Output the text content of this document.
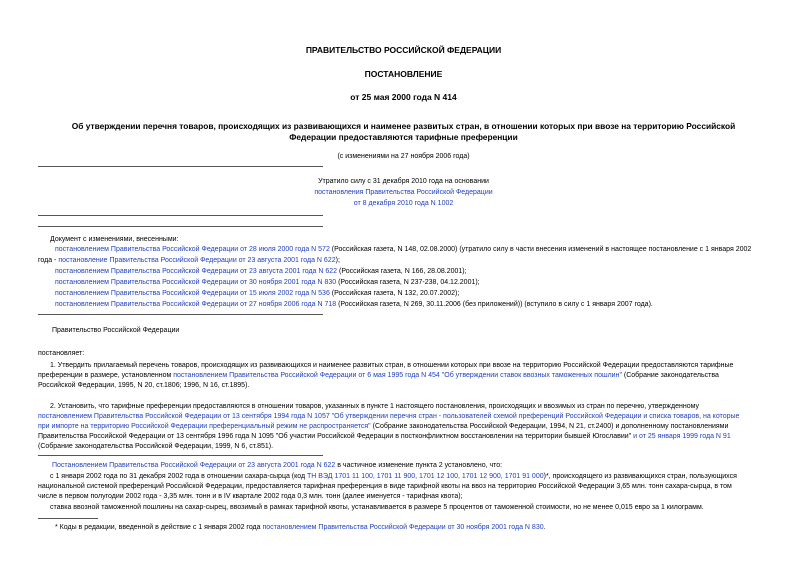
ПРАВИТЕЛЬСТВО РОССИЙСКОЙ ФЕДЕРАЦИИ
ПОСТАНОВЛЕНИЕ
от 25 мая 2000 года N 414
Об утверждении перечня товаров, происходящих из развивающихся и наименее развитых стран, в отношении которых при ввозе на территорию Российской
Федерации предоставляются тарифные преференции
(с изменениями на 27 ноября 2006 года)
Утратило силу с 31 декабря 2010 года на основании
постановления Правительства Российской Федерации
от 8 декабря 2010 года N 1002
Документ с изменениями, внесенными:
постановлением Правительства Российской Федерации от 28 июля 2000 года N 572 (Российская газета, N 148, 02.08.2000) (утратило силу в части внесения изменений в настоящее постановление с 1 января 2002
года - постановление Правительства Российской Федерации от 23 августа 2001 года N 622);
постановлением Правительства Российской Федерации от 23 августа 2001 года N 622 (Российская газета, N 166, 28.08.2001);
постановлением Правительства Российской Федерации от 30 ноября 2001 года N 830 (Российская газета, N 237-238, 04.12.2001);
постановлением Правительства Российской Федерации от 15 июля 2002 года N 536 (Российская газета, N 132, 20.07.2002);
постановлением Правительства Российской Федерации от 27 ноября 2006 года N 718 (Российская газета, N 269, 30.11.2006 (без приложений)) (вступило в силу с 1 января 2007 года).
Правительство Российской Федерации
постановляет:
1. Утвердить прилагаемый перечень товаров, происходящих из развивающихся и наименее развитых стран, в отношении которых при ввозе на территорию Российской Федерации предоставляются тарифные
преференции в размере, установленном постановлением Правительства Российской Федерации от 6 мая 1995 года N 454 "Об утверждении ставок ввозных таможенных пошлин" (Собрание законодательства
Российской Федерации, 1995, N 20, ст.1806; 1996, N 16, ст.1895).
2. Установить, что тарифные преференции предоставляются в отношении товаров, указанных в пункте 1 настоящего постановления, происходящих и ввозимых из стран по перечню, утвержденному
постановлением Правительства Российской Федерации от 13 сентября 1994 года N 1057 "Об утверждении перечня стран - пользователей схемой преференций Российской Федерации и списка товаров, на которые
при импорте на территорию Российской Федерации преференциальный режим не распространяется" (Собрание законодательства Российской Федерации, 1994, N 21, ст.2400) и дополненному постановлениями
Правительства Российской Федерации от 13 сентября 1996 года N 1095 "Об участии Российской Федерации в постконфликтном восстановлении на территории бывшей Югославии" и от 25 января 1999 года N 91
(Собрание законодательства Российской Федерации, 1999, N 6, ст.851).
Постановлением Правительства Российской Федерации от 23 августа 2001 года N 622 в частичное изменение пункта 2 установлено, что:
с 1 января 2002 года по 31 декабря 2002 года в отношении сахара-сырца (код ТН ВЭД 1701 11 100, 1701 11 900, 1701 12 100, 1701 12 900, 1701 91 000)*, происходящего из развивающихся стран, пользующихся
национальной системой преференций Российской Федерации, предоставляется тарифная преференция в виде тарифной квоты на ввоз на территорию Российской Федерации 3,65 млн. тонн сахара-сырца, в том
числе в первом полугодии 2002 года - 3,35 млн. тонн и в IV квартале 2002 года 0,3 млн. тонн (далее именуется - тарифная квота);
ставка ввозной таможенной пошлины на сахар-сырец, ввозимый в рамках тарифной квоты, устанавливается в размере 5 процентов от таможенной стоимости, но не менее 0,015 евро за 1 килограмм.
* Коды в редакции, введенной в действие с 1 января 2002 года постановлением Правительства Российской Федерации от 30 ноября 2001 года N 830.
